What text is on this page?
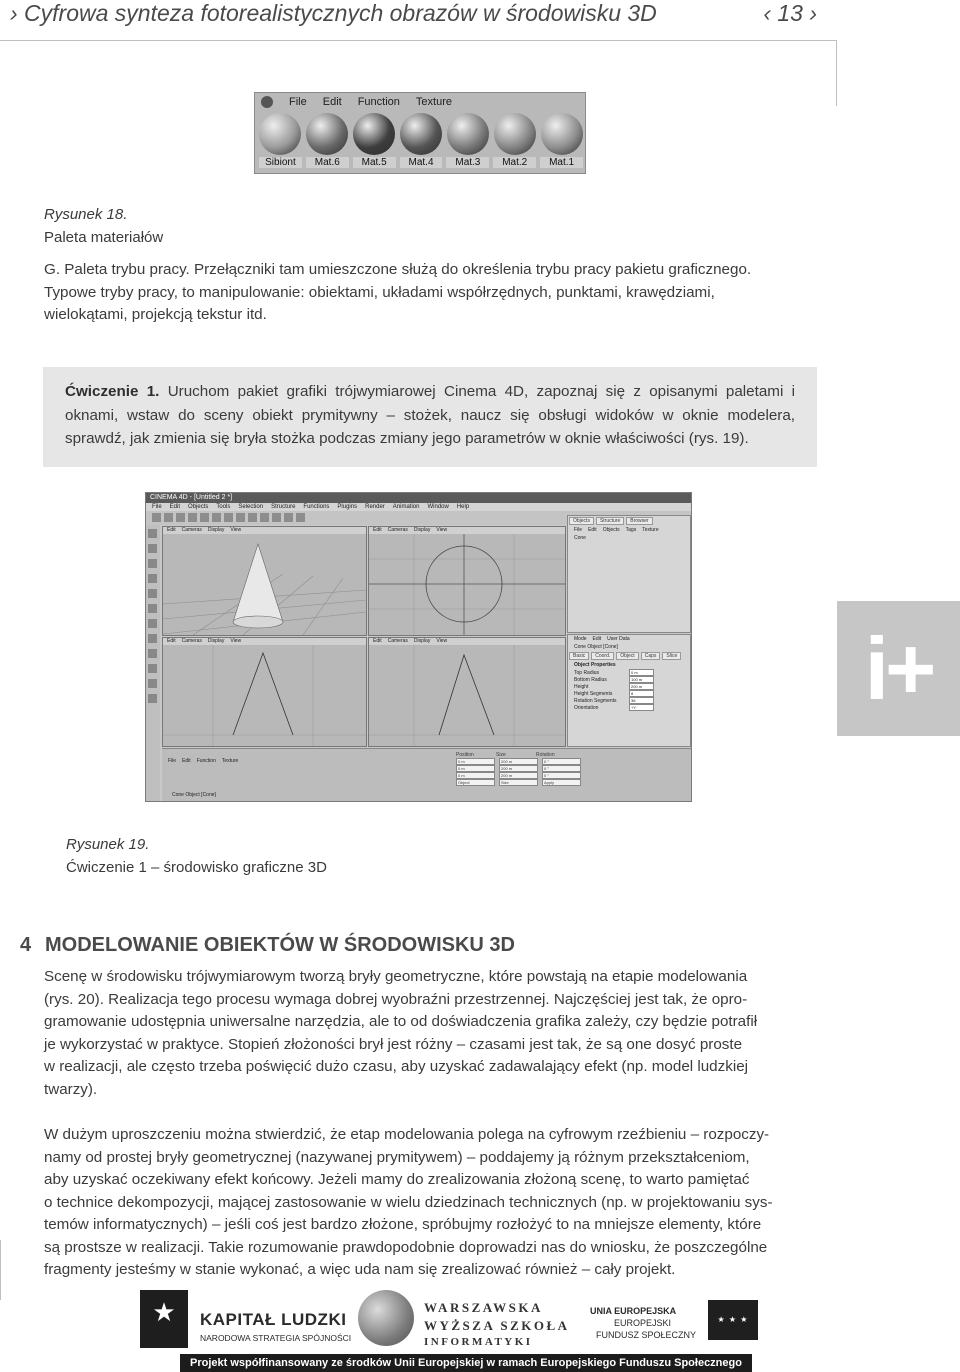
› Cyfrowa synteza fotorealistycznych obrazów w środowisku 3D	‹ 13 ›
File Edit Function Texture
Sibiont	Mat.6	Mat.5	Mat.4	Mat.3	Mat.2	Mat.1
Rysunek 18.
Paleta materiałów
G. Paleta trybu pracy. Przełączniki tam umieszczone służą do określenia trybu pracy pakietu graficznego.
Typowe tryby pracy, to manipulowanie: obiektami, układami współrzędnych, punktami, krawędziami,
wielokątami, projekcją tekstur itd.

Ćwiczenie 1. Uruchom pakiet grafiki trójwymiarowej Cinema 4D, zapoznaj się z opisanymi paletami i oknami, wstaw do sceny obiekt prymitywny – stożek, naucz się obsługi widoków w oknie modelera, sprawdź, jak zmienia się bryła stożka podczas zmiany jego parametrów w oknie właściwości (rys. 19).

CINEMA 4D - [Untitled 2 *]
File Edit Objects Tools Selection Structure Functions Plugins Render Animation Window Help
Edit Cameras Display View	Edit Cameras Display View
Edit Cameras Display View	Edit Cameras Display View
Objects	Structure	Browser
File Edit Objects Tags Texture
Cone
Mode Edit User Data
Cone Object [Cone]
Basic	Coord.	Object	Caps	Slice
Object Properties
Top Radius	0 m
Bottom Radius	100 m
Height	200 m
Height Segments	8
Rotation Segments	36
Orientation	+Y
File Edit Function Texture
Position	Size	Rotation
0 m	200 m	0 °
0 m	200 m	0 °
0 m	200 m	0 °
Object	Size	Apply
Cone Object [Cone]
Rysunek 19.
Ćwiczenie 1 – środowisko graficzne 3D
i+
4 MODELOWANIE OBIEKTÓW W ŚRODOWISKU 3D
Scenę w środowisku trójwymiarowym tworzą bryły geometryczne, które powstają na etapie modelowania
(rys. 20). Realizacja tego procesu wymaga dobrej wyobraźni przestrzennej. Najczęściej jest tak, że opro-
gramowanie udostępnia uniwersalne narzędzia, ale to od doświadczenia grafika zależy, czy będzie potrafił
je wykorzystać w praktyce. Stopień złożoności brył jest różny – czasami jest tak, że są one dosyć proste
w realizacji, ale często trzeba poświęcić dużo czasu, aby uzyskać zadawalający efekt (np. model ludzkiej
twarzy).
W dużym uproszczeniu można stwierdzić, że etap modelowania polega na cyfrowym rzeźbieniu – rozpoczy-
namy od prostej bryły geometrycznej (nazywanej prymitywem) – poddajemy ją różnym przekształceniom,
aby uzyskać oczekiwany efekt końcowy. Jeżeli mamy do zrealizowania złożoną scenę, to warto pamiętać
o technice dekompozycji, mającej zastosowanie w wielu dziedzinach technicznych (np. w projektowaniu sys-
temów informatycznych) – jeśli coś jest bardzo złożone, spróbujmy rozłożyć to na mniejsze elementy, które
są prostsze w realizacji. Takie rozumowanie prawdopodobnie doprowadzi nas do wniosku, że poszczególne
fragmenty jesteśmy w stanie wykonać, a więc uda nam się zrealizować również – cały projekt.
★ KAPITAŁ LUDZKI
NARODOWA STRATEGIA SPÓJNOŚCI
WARSZAWSKA
WYŻSZA SZKOŁA
INFORMATYKI
UNIA EUROPEJSKA
EUROPEJSKI
FUNDUSZ SPOŁECZNY
★ ★ ★
Projekt współfinansowany ze środków Unii Europejskiej w ramach Europejskiego Funduszu Społecznego
